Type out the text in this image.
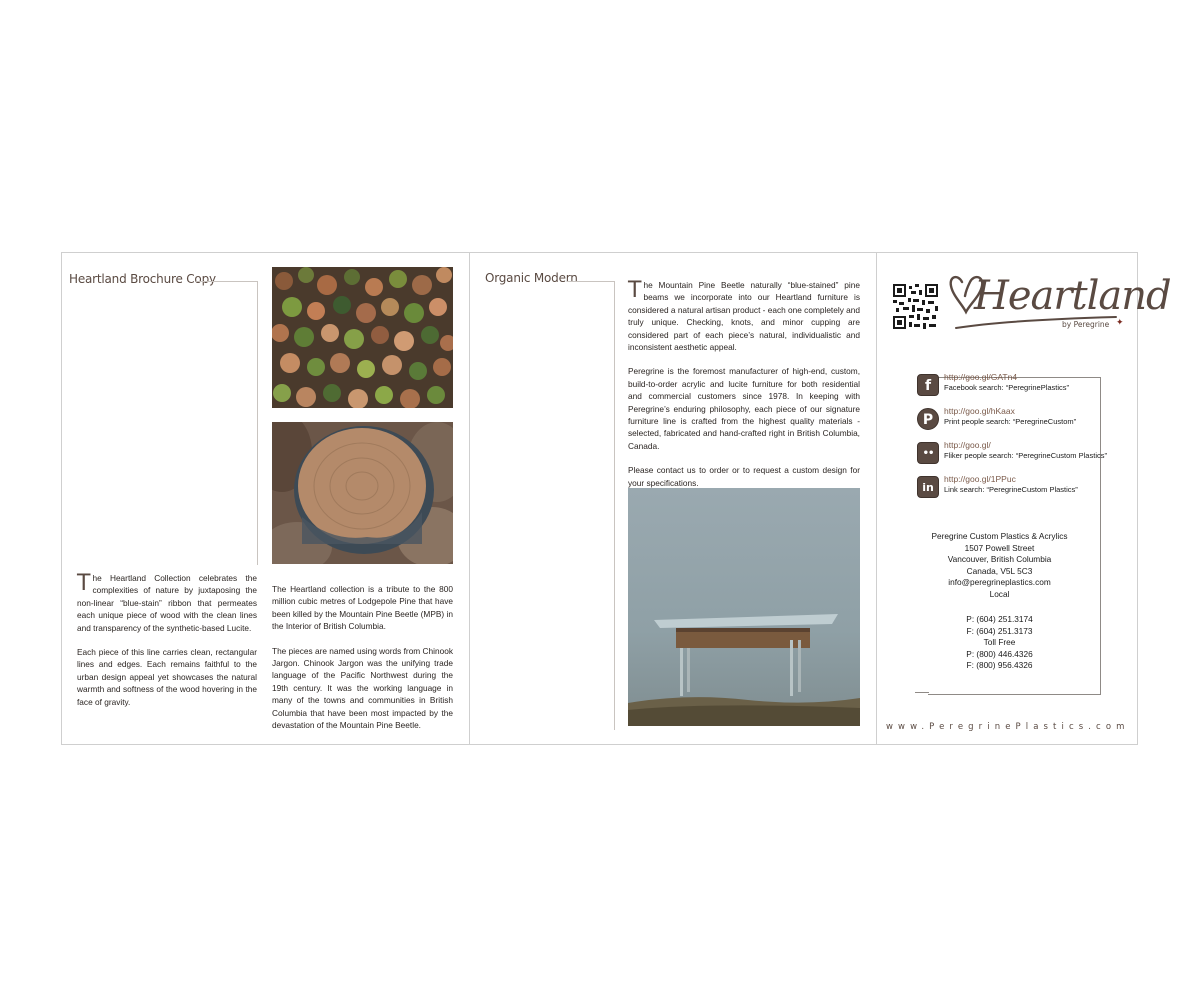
Heartland Brochure Copy

The Heartland Collection celebrates the complexities of nature by juxtaposing the non-linear “blue-stain” ribbon that permeates each unique piece of wood with the clean lines and transparency of the synthetic-based Lucite.

Each piece of this line carries clean, rectangular lines and edges. Each remains faithful to the urban design appeal yet showcases the natural warmth and softness of the wood hovering in the face of gravity.

The Heartland collection is a tribute to the 800 million cubic metres of Lodgepole Pine that have been killed by the Mountain Pine Beetle (MPB) in the Interior of British Columbia.

The pieces are named using words from Chinook Jargon. Chinook Jargon was the unifying trade language of the Pacific Northwest during the 19th century. It was the working language in many of the towns and communities in British Columbia that have been most impacted by the devastation of the Mountain Pine Beetle.

Organic Modern The Mountain Pine Beetle naturally “blue-stained” pine beams we incorporate into our Heartland furniture is considered a natural artisan product - each one completely and truly unique. Checking, knots, and minor cupping are considered part of each piece’s natural, individualistic and inconsistent aesthetic appeal.

Peregrine is the foremost manufacturer of high-end, custom, build-to-order acrylic and lucite furniture for both residential and commercial customers since 1978. In keeping with Peregrine’s enduring philosophy, each piece of our signature furniture line is crafted from the highest quality materials - selected, fabricated and hand-crafted right in British Columbia, Canada.

Please contact us to order or to request a custom design for your specifications.

Heartland
by Peregrine ✦
f
http://goo.gl/GATn4
Facebook search: “PeregrinePlastics”
P
http://goo.gl/hKaax
Print people search: “PeregrineCustom”
••
http://goo.gl/
Fliker people search: “PeregrineCustom Plastics”
in
http://goo.gl/1PPuc
Link search: “PeregrineCustom Plastics”
Peregrine Custom Plastics & Acrylics
1507 Powell Street
Vancouver, British Columbia
Canada, V5L 5C3
info@peregrineplastics.com
Local
P: (604) 251.3174
F: (604) 251.3173
Toll Free
P: (800) 446.4326
F: (800) 956.4326
www.PeregrinePlastics.com
